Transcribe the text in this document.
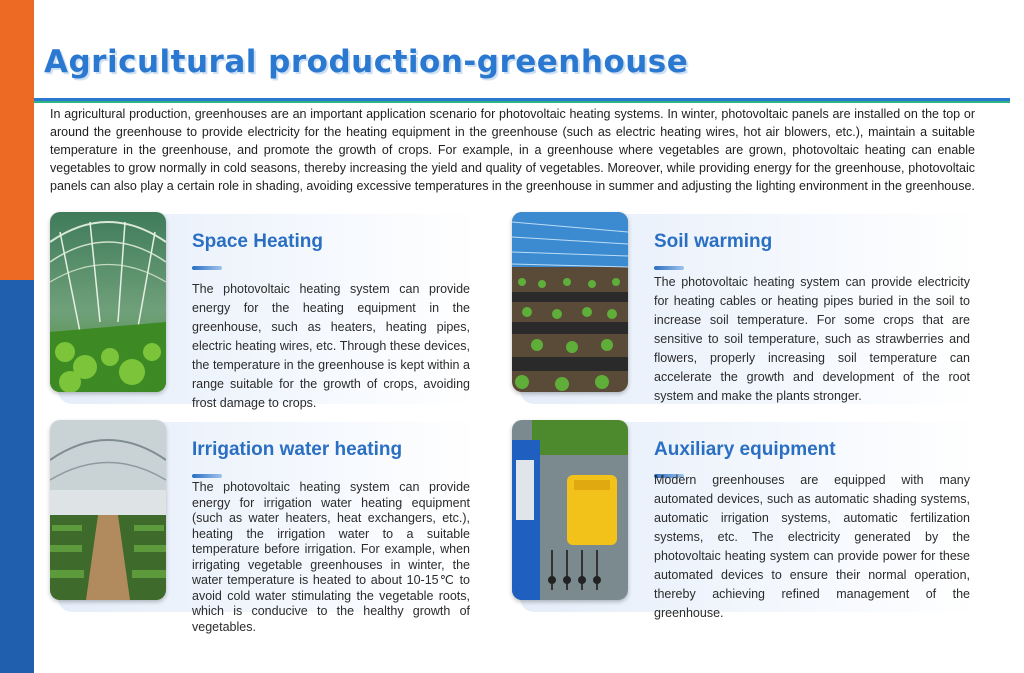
Agricultural production-greenhouse

In agricultural production, greenhouses are an important application scenario for photovoltaic heating systems. In winter, photovoltaic panels are installed on the top or around the greenhouse to provide electricity for the heating equipment in the greenhouse (such as electric heating wires, hot air blowers, etc.), maintain a suitable temperature in the greenhouse, and promote the growth of crops. For example, in a greenhouse where vegetables are grown, photovoltaic heating can enable vegetables to grow normally in cold seasons, thereby increasing the yield and quality of vegetables. Moreover, while providing energy for the greenhouse, photovoltaic panels can also play a certain role in shading, avoiding excessive temperatures in the greenhouse in summer and adjusting the lighting environment in the greenhouse.

Space Heating

The photovoltaic heating system can provide energy for the heating equipment in the greenhouse, such as heaters, heating pipes, electric heating wires, etc. Through these devices, the temperature in the greenhouse is kept within a range suitable for the growth of crops, avoiding frost damage to crops.

Soil warming

The photovoltaic heating system can provide electricity for heating cables or heating pipes buried in the soil to increase soil temperature. For some crops that are sensitive to soil temperature, such as strawberries and flowers, properly increasing soil temperature can accelerate the growth and development of the root system and make the plants stronger.

Irrigation water heating

The photovoltaic heating system can provide energy for irrigation water heating equipment (such as water heaters, heat exchangers, etc.), heating the irrigation water to a suitable temperature before irrigation. For example, when irrigating vegetable greenhouses in winter, the water temperature is heated to about 10-15℃ to avoid cold water stimulating the vegetable roots, which is conducive to the healthy growth of vegetables.

Auxiliary equipment

Modern greenhouses are equipped with many automated devices, such as automatic shading systems, automatic irrigation systems, automatic fertilization systems, etc. The electricity generated by the photovoltaic heating system can provide power for these automated devices to ensure their normal operation, thereby achieving refined management of the greenhouse.
